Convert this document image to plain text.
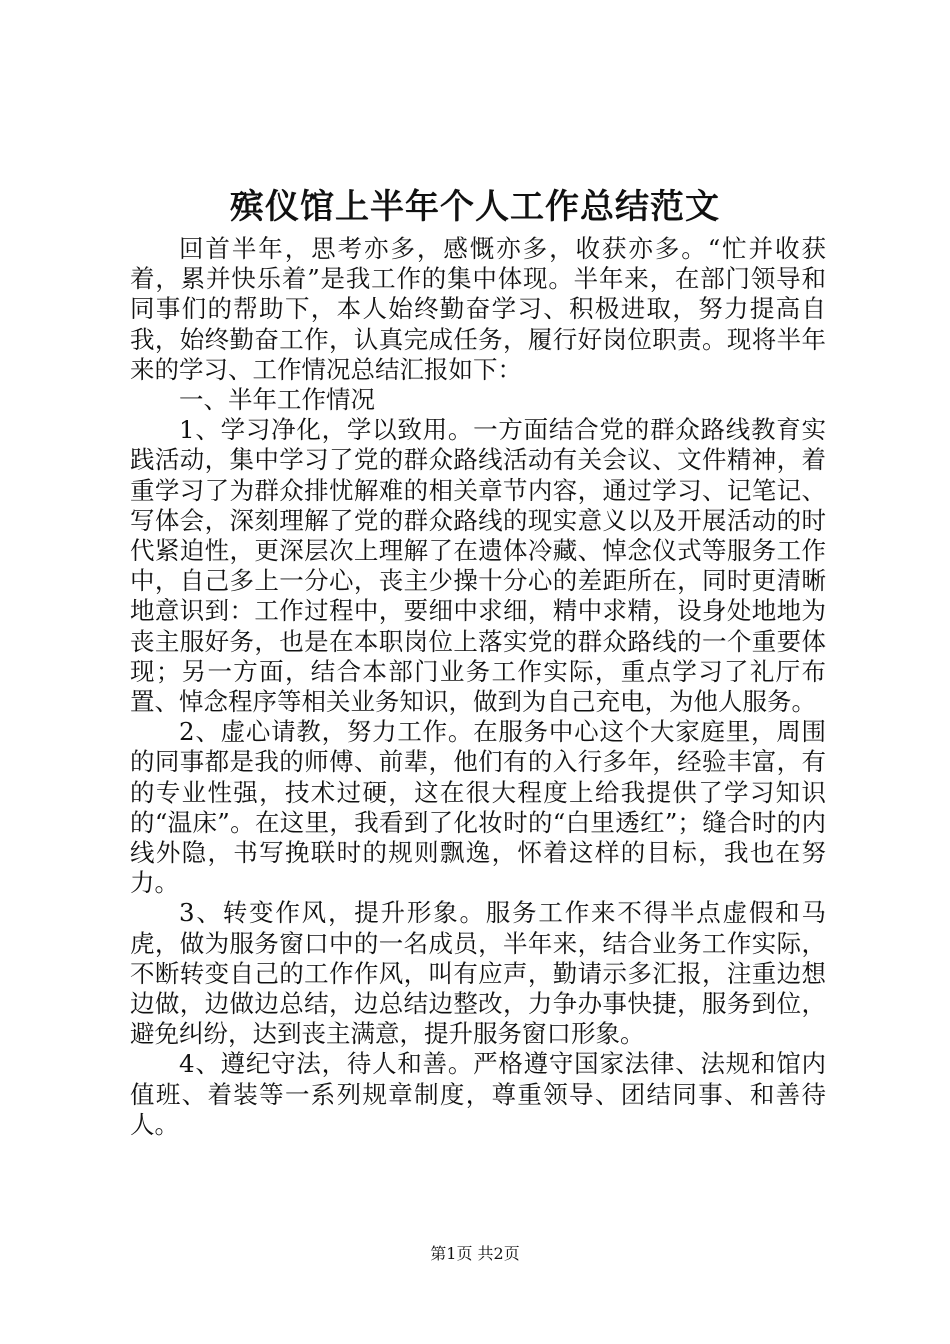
殡仪馆上半年个人工作总结范文

回首半年，思考亦多，感慨亦多，收获亦多。“忙并收获着，累并快乐着”是我工作的集中体现。半年来，在部门领导和同事们的帮助下，本人始终勤奋学习、积极进取，努力提高自我，始终勤奋工作，认真完成任务，履行好岗位职责。现将半年来的学习、工作情况总结汇报如下：

一、半年工作情况

1、学习净化，学以致用。一方面结合党的群众路线教育实践活动，集中学习了党的群众路线活动有关会议、文件精神，着重学习了为群众排忧解难的相关章节内容，通过学习、记笔记、写体会，深刻理解了党的群众路线的现实意义以及开展活动的时代紧迫性，更深层次上理解了在遗体冷藏、悼念仪式等服务工作中，自己多上一分心，丧主少操十分心的差距所在，同时更清晰地意识到：工作过程中，要细中求细，精中求精，设身处地地为丧主服好务，也是在本职岗位上落实党的群众路线的一个重要体现；另一方面，结合本部门业务工作实际，重点学习了礼厅布置、悼念程序等相关业务知识，做到为自己充电，为他人服务。

2、虚心请教，努力工作。在服务中心这个大家庭里，周围的同事都是我的师傅、前辈，他们有的入行多年，经验丰富，有的专业性强，技术过硬，这在很大程度上给我提供了学习知识的“温床”。在这里，我看到了化妆时的“白里透红”；缝合时的内线外隐，书写挽联时的规则飘逸，怀着这样的目标，我也在努力。

3、转变作风，提升形象。服务工作来不得半点虚假和马虎，做为服务窗口中的一名成员，半年来，结合业务工作实际，不断转变自己的工作作风，叫有应声，勤请示多汇报，注重边想边做，边做边总结，边总结边整改，力争办事快捷，服务到位，避免纠纷，达到丧主满意，提升服务窗口形象。

4、遵纪守法，待人和善。严格遵守国家法律、法规和馆内值班、着装等一系列规章制度，尊重领导、团结同事、和善待人。

第1页 共2页
